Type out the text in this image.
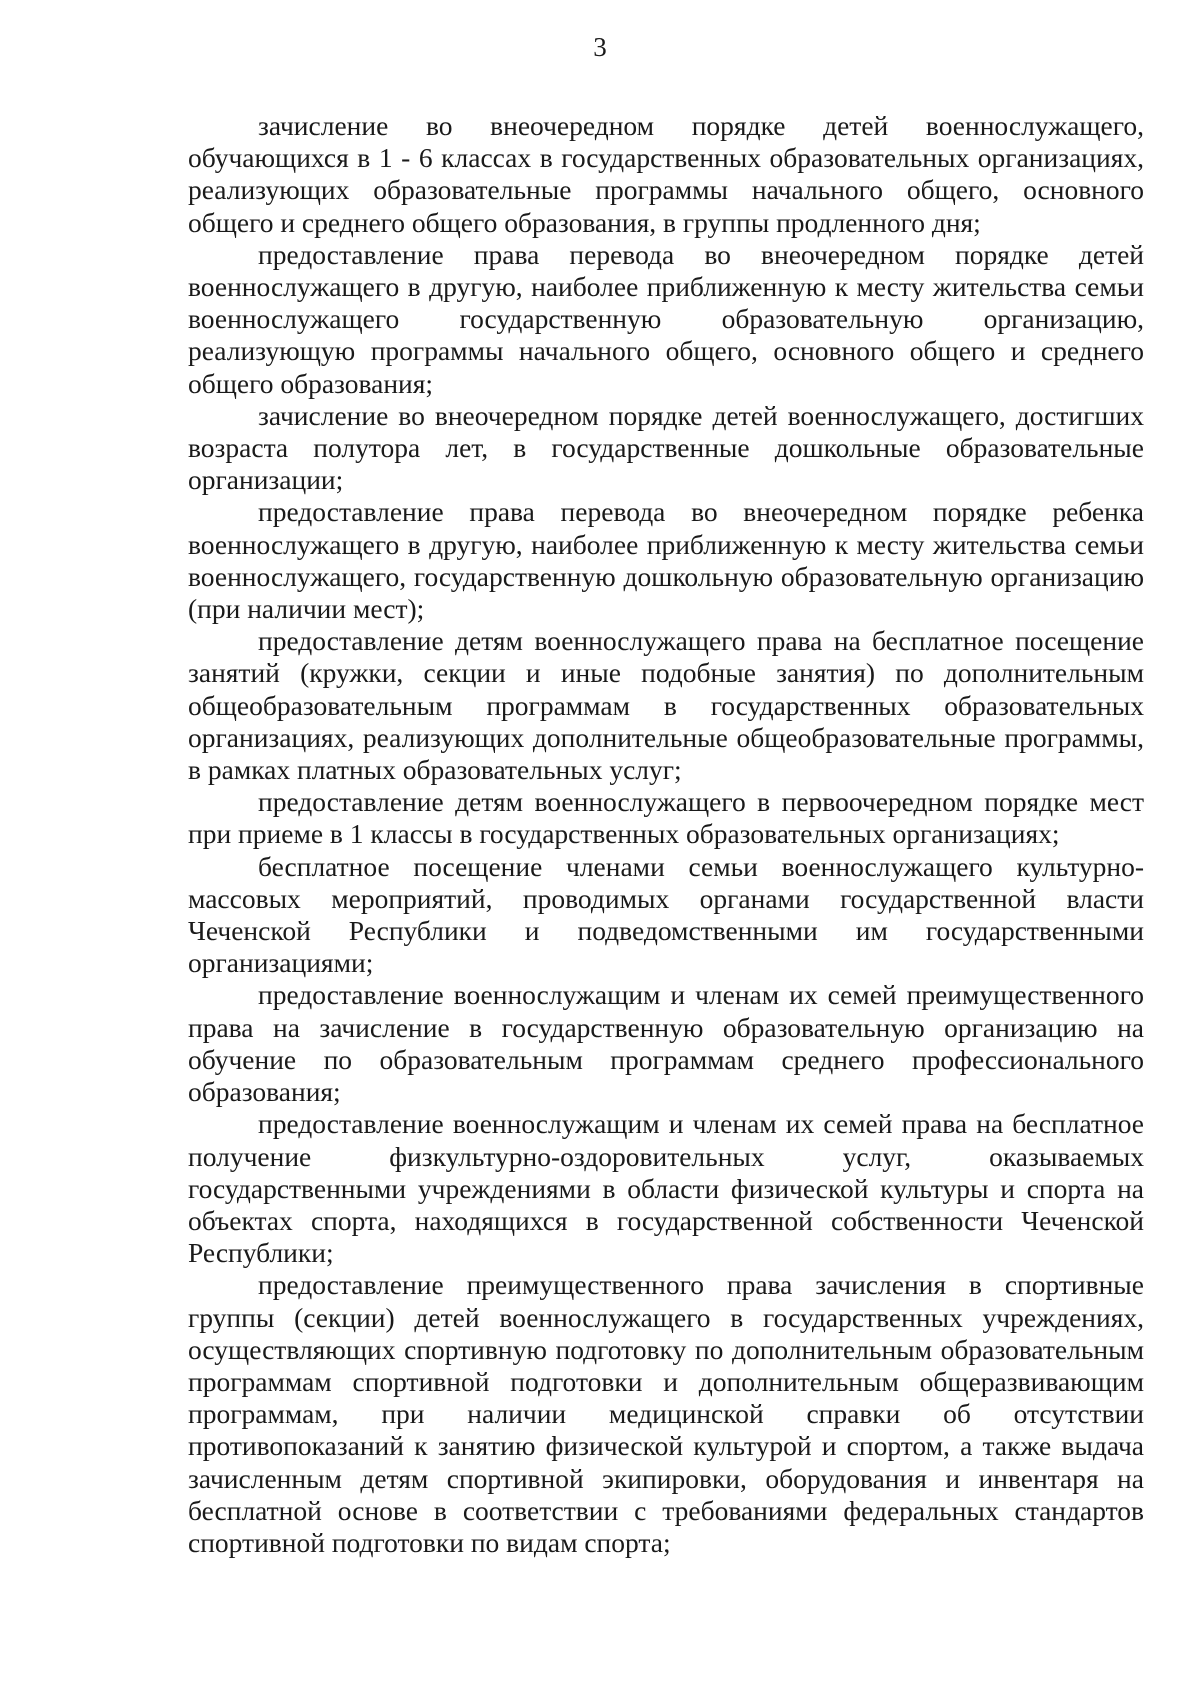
3

зачисление во внеочередном порядке детей военнослужащего, обучающихся в 1 - 6 классах в государственных образовательных организациях, реализующих образовательные программы начального общего, основного общего и среднего общего образования, в группы продленного дня;

предоставление права перевода во внеочередном порядке детей военнослужащего в другую, наиболее приближенную к месту жительства семьи военнослужащего государственную образовательную организацию, реализующую программы начального общего, основного общего и среднего общего образования;

зачисление во внеочередном порядке детей военнослужащего, достигших возраста полутора лет, в государственные дошкольные образовательные организации;

предоставление права перевода во внеочередном порядке ребенка военнослужащего в другую, наиболее приближенную к месту жительства семьи военнослужащего, государственную дошкольную образовательную организацию (при наличии мест);

предоставление детям военнослужащего права на бесплатное посещение занятий (кружки, секции и иные подобные занятия) по дополнительным общеобразовательным программам в государственных образовательных организациях, реализующих дополнительные общеобразовательные программы, в рамках платных образовательных услуг;

предоставление детям военнослужащего в первоочередном порядке мест при приеме в 1 классы в государственных образовательных организациях;

бесплатное посещение членами семьи военнослужащего культурно-массовых мероприятий, проводимых органами государственной власти Чеченской Республики и подведомственными им государственными организациями;

предоставление военнослужащим и членам их семей преимущественного права на зачисление в государственную образовательную организацию на обучение по образовательным программам среднего профессионального образования;

предоставление военнослужащим и членам их семей права на бесплатное получение физкультурно-оздоровительных услуг, оказываемых государственными учреждениями в области физической культуры и спорта на объектах спорта, находящихся в государственной собственности Чеченской Республики;

предоставление преимущественного права зачисления в спортивные группы (секции) детей военнослужащего в государственных учреждениях, осуществляющих спортивную подготовку по дополнительным образовательным программам спортивной подготовки и дополнительным общеразвивающим программам, при наличии медицинской справки об отсутствии противопоказаний к занятию физической культурой и спортом, а также выдача зачисленным детям спортивной экипировки, оборудования и инвентаря на бесплатной основе в соответствии с требованиями федеральных стандартов спортивной подготовки по видам спорта;
